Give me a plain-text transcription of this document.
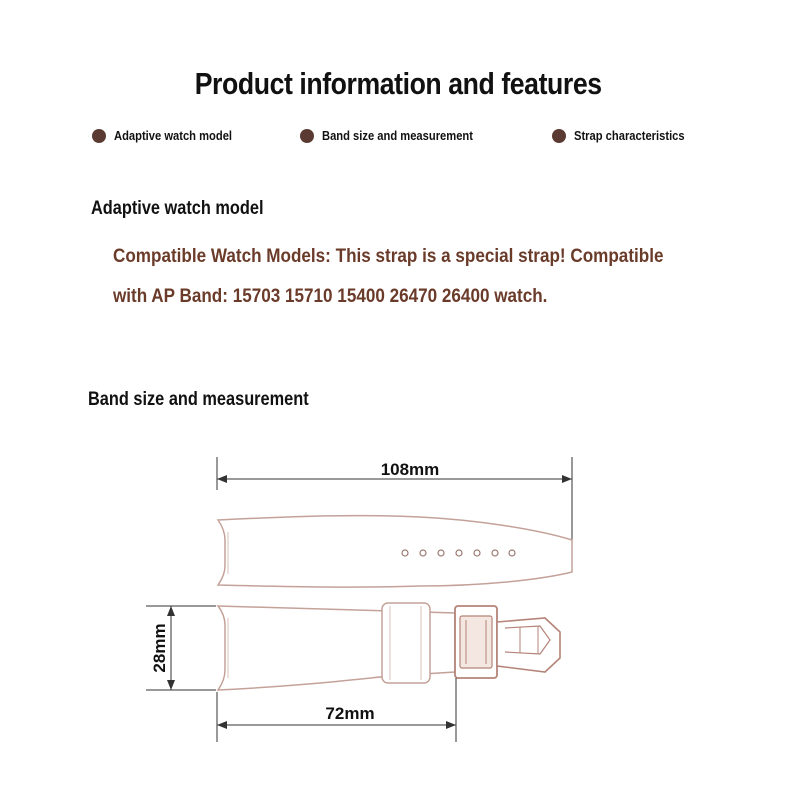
Product information and features
Adaptive watch model	Band size and measurement	Strap characteristics
Adaptive watch model
Compatible Watch Models: This strap is a special strap! Compatible
with AP Band: 15703 15710 15400 26470 26400 watch.
Band size and measurement
108mm
28mm
72mm
